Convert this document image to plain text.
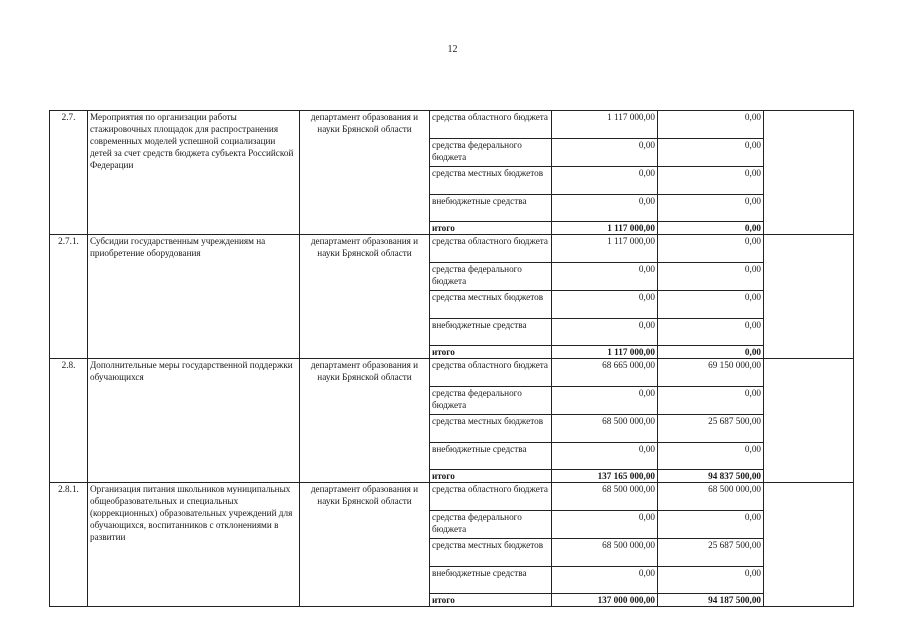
12
2.7.	Мероприятия по организации работы стажировочных площадок для распространения современных моделей успешной социализации детей за счет средств бюджета субъекта Российской Федерации	департамент образования и науки Брянской области	средства областного бюджета	1 117 000,00	0,00	
			средства федерального бюджета	0,00	0,00	
			средства местных бюджетов	0,00	0,00	
			внебюджетные средства	0,00	0,00	
			итого	1 117 000,00	0,00	
2.7.1.	Субсидии государственным учреждениям на приобретение оборудования	департамент образования и науки Брянской области	средства областного бюджета	1 117 000,00	0,00	
			средства федерального бюджета	0,00	0,00	
			средства местных бюджетов	0,00	0,00	
			внебюджетные средства	0,00	0,00	
			итого	1 117 000,00	0,00	
2.8.	Дополнительные меры государственной поддержки обучающихся	департамент образования и науки Брянской области	средства областного бюджета	68 665 000,00	69 150 000,00	
			средства федерального бюджета	0,00	0,00	
			средства местных бюджетов	68 500 000,00	25 687 500,00	
			внебюджетные средства	0,00	0,00	
			итого	137 165 000,00	94 837 500,00	
2.8.1.	Организация питания школьников муниципальных общеобразовательных и специальных (коррекционных) образовательных учреждений для обучающихся, воспитанников с отклонениями в развитии	департамент образования и науки Брянской области	средства областного бюджета	68 500 000,00	68 500 000,00	
			средства федерального бюджета	0,00	0,00	
			средства местных бюджетов	68 500 000,00	25 687 500,00	
			внебюджетные средства	0,00	0,00	
			итого	137 000 000,00	94 187 500,00	
